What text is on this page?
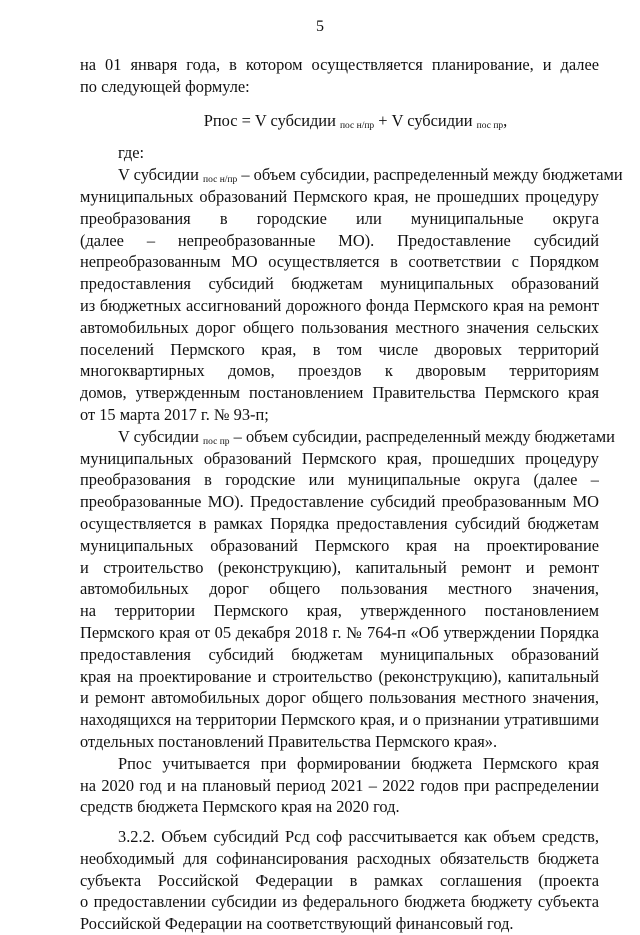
5
на 01 января года, в котором осуществляется планирование, и далее
по следующей формуле:
Рпос = V субсидии $_{пос н/пр}$ + V субсидии $_{пос пр}$,
где:
V субсидии $_{пос н/пр}$ – объем субсидии, распределенный между бюджетами
муниципальных образований Пермского края, не прошедших процедуру
преобразования в городские или муниципальные округа
(далее – непреобразованные МО). Предоставление субсидий
непреобразованным МО осуществляется в соответствии с Порядком
предоставления субсидий бюджетам муниципальных образований
из бюджетных ассигнований дорожного фонда Пермского края на ремонт
автомобильных дорог общего пользования местного значения сельских
поселений Пермского края, в том числе дворовых территорий
многоквартирных домов, проездов к дворовым территориям
домов, утвержденным постановлением Правительства Пермского края
от 15 марта 2017 г. № 93-п;
V субсидии $_{пос пр}$ – объем субсидии, распределенный между бюджетами
муниципальных образований Пермского края, прошедших процедуру
преобразования в городские или муниципальные округа (далее –
преобразованные МО). Предоставление субсидий преобразованным МО
осуществляется в рамках Порядка предоставления субсидий бюджетам
муниципальных образований Пермского края на проектирование
и строительство (реконструкцию), капитальный ремонт и ремонт
автомобильных дорог общего пользования местного значения,
на территории Пермского края, утвержденного постановлением
Пермского края от 05 декабря 2018 г. № 764-п «Об утверждении Порядка
предоставления субсидий бюджетам муниципальных образований
края на проектирование и строительство (реконструкцию), капитальный
и ремонт автомобильных дорог общего пользования местного значения,
находящихся на территории Пермского края, и о признании утратившими
отдельных постановлений Правительства Пермского края».
Рпос учитывается при формировании бюджета Пермского края
на 2020 год и на плановый период 2021 – 2022 годов при распределении
средств бюджета Пермского края на 2020 год.
3.2.2. Объем субсидий Рсд соф рассчитывается как объем средств,
необходимый для софинансирования расходных обязательств бюджета
субъекта Российской Федерации в рамках соглашения (проекта
о предоставлении субсидии из федерального бюджета бюджету субъекта
Российской Федерации на соответствующий финансовый год.
